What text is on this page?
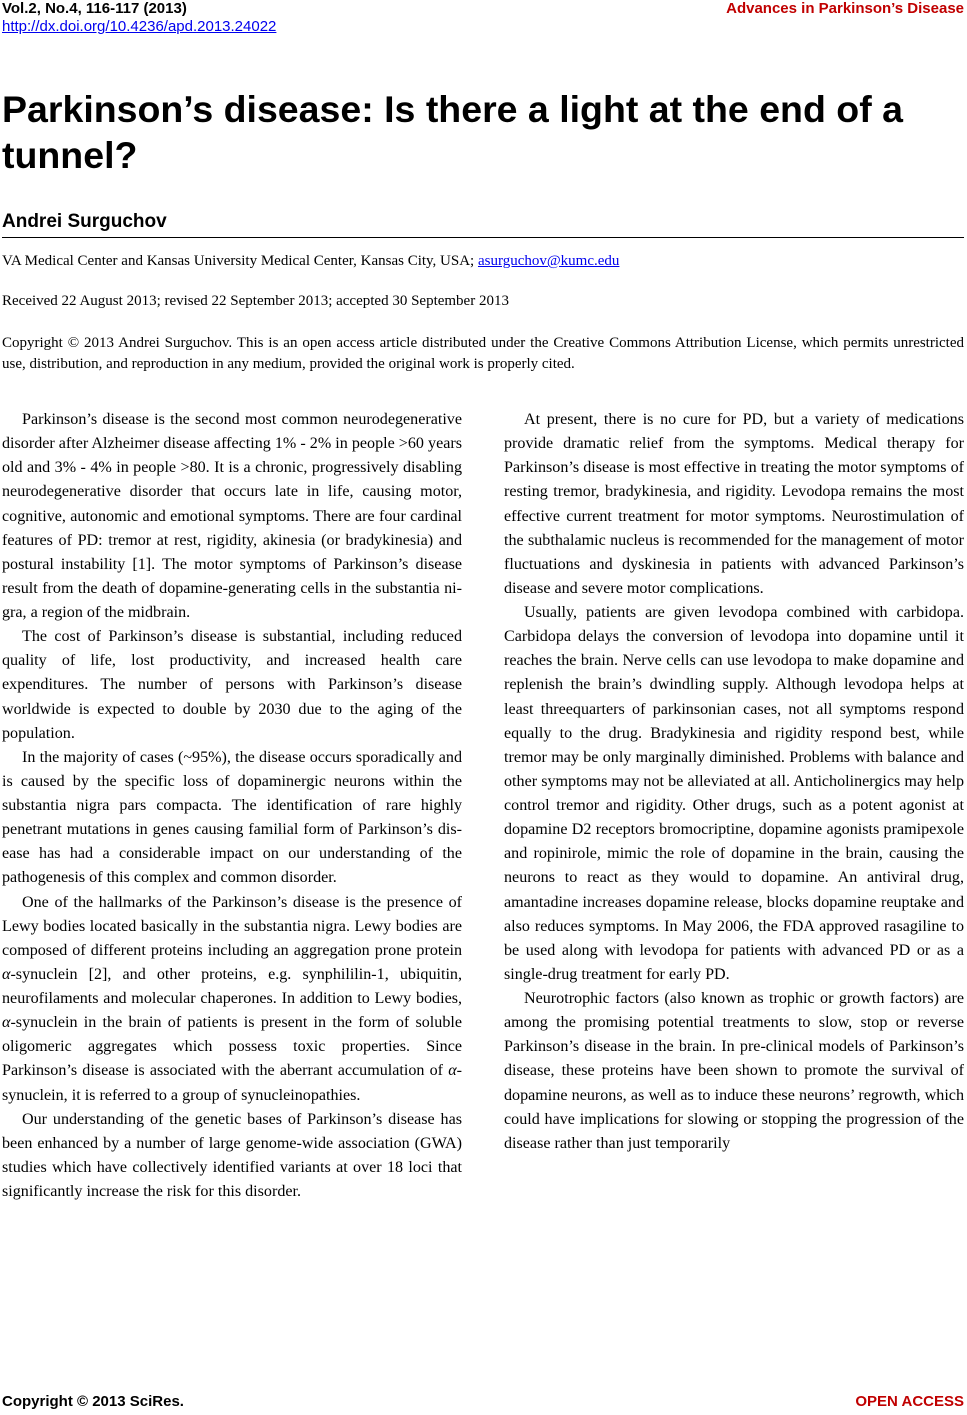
Vol.2, No.4, 116-117 (2013)
http://dx.doi.org/10.4236/apd.2013.24022
Advances in Parkinson’s Disease
Parkinson’s disease: Is there a light at the end of a tunnel?
Andrei Surguchov
VA Medical Center and Kansas University Medical Center, Kansas City, USA; asurguchov@kumc.edu
Received 22 August 2013; revised 22 September 2013; accepted 30 September 2013
Copyright © 2013 Andrei Surguchov. This is an open access article distributed under the Creative Commons Attribution License, which permits unrestricted use, distribution, and reproduction in any medium, provided the original work is properly cited.

Parkinson’s disease is the second most common neurodegenerative disorder after Alzheimer disease affecting 1% - 2% in people >60 years old and 3% - 4% in people >80. It is a chronic, progressively disabling neurodegenerative disorder that occurs late in life, causing motor, cognitive, autonomic and emotional symptoms. There are four cardinal features of PD: tremor at rest, rigidity, akinesia (or bradykinesia) and postural instability [1]. The motor symptoms of Parkinson’s disease result from the death of dopamine-generating cells in the substantia nigra, a region of the midbrain.

The cost of Parkinson’s disease is substantial, including reduced quality of life, lost productivity, and increased health care expenditures. The number of persons with Parkinson’s disease worldwide is expected to double by 2030 due to the aging of the population.

In the majority of cases (~95%), the disease occurs sporadically and is caused by the specific loss of dopaminergic neurons within the substantia nigra pars compacta. The identification of rare highly penetrant mutations in genes causing familial form of Parkinson’s disease has had a considerable impact on our understanding of the pathogenesis of this complex and common disorder.

One of the hallmarks of the Parkinson’s disease is the presence of Lewy bodies located basically in the substantia nigra. Lewy bodies are composed of different proteins including an aggregation prone protein α-synuclein [2], and other proteins, e.g. synphililin-1, ubiquitin, neurofilaments and molecular chaperones. In addition to Lewy bodies, α-synuclein in the brain of patients is present in the form of soluble oligomeric aggregates which possess toxic properties. Since Parkinson’s disease is associated with the aberrant accumulation of α-synuclein, it is referred to a group of synucleinopathies.

Our understanding of the genetic bases of Parkinson’s disease has been enhanced by a number of large genome-wide association (GWA) studies which have collectively identified variants at over 18 loci that significantly increase the risk for this disorder.

At present, there is no cure for PD, but a variety of medications provide dramatic relief from the symptoms. Medical therapy for Parkinson’s disease is most effective in treating the motor symptoms of resting tremor, bradykinesia, and rigidity. Levodopa remains the most effective current treatment for motor symptoms. Neurostimulation of the subthalamic nucleus is recommended for the management of motor fluctuations and dyskinesia in patients with advanced Parkinson’s disease and severe motor complications.

Usually, patients are given levodopa combined with carbidopa. Carbidopa delays the conversion of levodopa into dopamine until it reaches the brain. Nerve cells can use levodopa to make dopamine and replenish the brain’s dwindling supply. Although levodopa helps at least threequarters of parkinsonian cases, not all symptoms respond equally to the drug. Bradykinesia and rigidity respond best, while tremor may be only marginally diminished. Problems with balance and other symptoms may not be alleviated at all. Anticholinergics may help control tremor and rigidity. Other drugs, such as a potent agonist at dopamine D2 receptors bromocriptine, dopamine agonists pramipexole and ropinirole, mimic the role of dopamine in the brain, causing the neurons to react as they would to dopamine. An antiviral drug, amantadine increases dopamine release, blocks dopamine reuptake and also reduces symptoms. In May 2006, the FDA approved rasagiline to be used along with levodopa for patients with advanced PD or as a single-drug treatment for early PD.

Neurotrophic factors (also known as trophic or growth factors) are among the promising potential treatments to slow, stop or reverse Parkinson’s disease in the brain. In pre-clinical models of Parkinson’s disease, these proteins have been shown to promote the survival of dopamine neurons, as well as to induce these neurons’ regrowth, which could have implications for slowing or stopping the progression of the disease rather than just temporarily

Copyright © 2013 SciRes.	OPEN ACCESS
